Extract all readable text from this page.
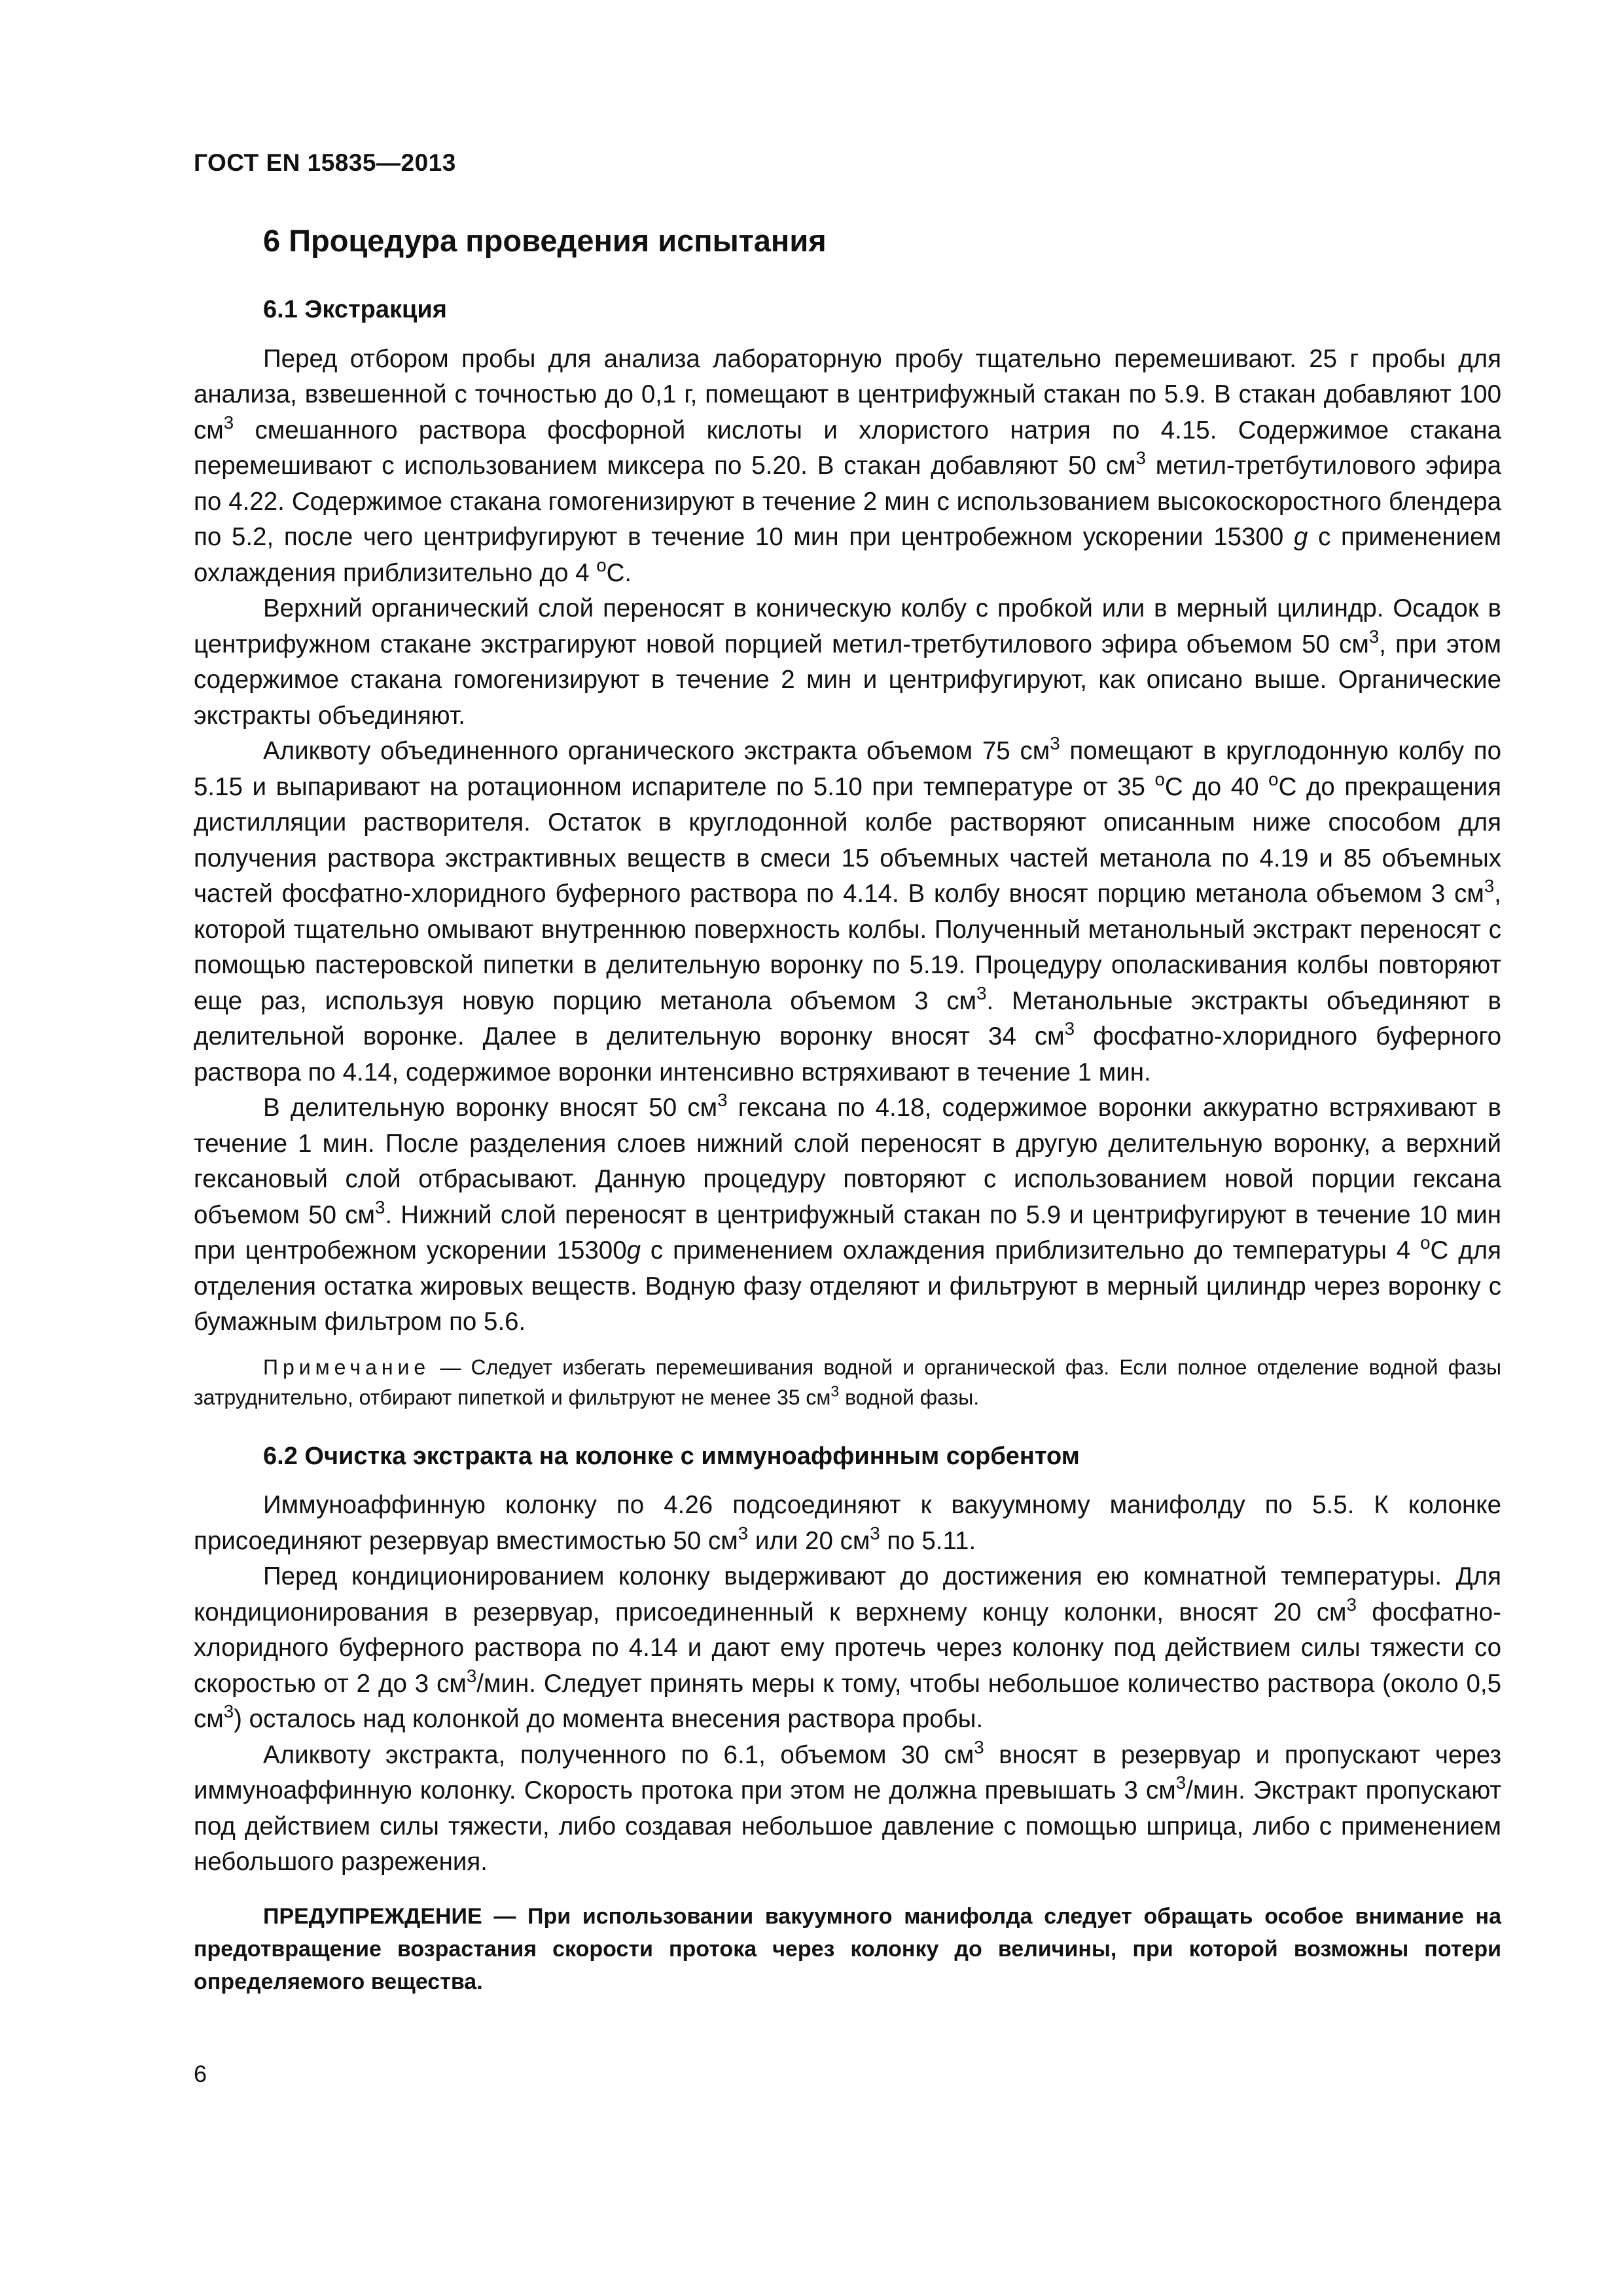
ГОСТ EN 15835—2013
6 Процедура проведения испытания
6.1 Экстракция

Перед отбором пробы для анализа лабораторную пробу тщательно перемешивают. 25 г пробы для анализа, взвешенной с точностью до 0,1 г, помещают в центрифужный стакан по 5.9. В стакан добавляют 100 $см^3$ смешанного раствора фосфорной кислоты и хлористого натрия по 4.15. Содержимое стакана перемешивают с использованием миксера по 5.20. В стакан добавляют 50 $см^3$ метил-третбутилового эфира по 4.22. Содержимое стакана гомогенизируют в течение 2 мин с использованием высокоскоростного блендера по 5.2, после чего центрифугируют в течение 10 мин при центробежном ускорении 15300 g с применением охлаждения приблизительно до 4 $^o$C.

Верхний органический слой переносят в коническую колбу с пробкой или в мерный цилиндр. Осадок в центрифужном стакане экстрагируют новой порцией метил-третбутилового эфира объемом 50 $см^3$, при этом содержимое стакана гомогенизируют в течение 2 мин и центрифугируют, как описано выше. Органические экстракты объединяют.

Аликвоту объединенного органического экстракта объемом 75 $см^3$ помещают в круглодонную колбу по 5.15 и выпаривают на ротационном испарителе по 5.10 при температуре от 35 $^o$C до 40 $^o$C до прекращения дистилляции растворителя. Остаток в круглодонной колбе растворяют описанным ниже способом для получения раствора экстрактивных веществ в смеси 15 объемных частей метанола по 4.19 и 85 объемных частей фосфатно-хлоридного буферного раствора по 4.14. В колбу вносят порцию метанола объемом 3 $см^3$, которой тщательно омывают внутреннюю поверхность колбы. Полученный метанольный экстракт переносят с помощью пастеровской пипетки в делительную воронку по 5.19. Процедуру ополаскивания колбы повторяют еще раз, используя новую порцию метанола объемом 3 $см^3$. Метанольные экстракты объединяют в делительной воронке. Далее в делительную воронку вносят 34 $см^3$ фосфатно-хлоридного буферного раствора по 4.14, содержимое воронки интенсивно встряхивают в течение 1 мин.

В делительную воронку вносят 50 $см^3$ гексана по 4.18, содержимое воронки аккуратно встряхивают в течение 1 мин. После разделения слоев нижний слой переносят в другую делительную воронку, а верхний гексановый слой отбрасывают. Данную процедуру повторяют с использованием новой порции гексана объемом 50 $см^3$. Нижний слой переносят в центрифужный стакан по 5.9 и центрифугируют в течение 10 мин при центробежном ускорении 15300g с применением охлаждения приблизительно до температуры 4 $^o$C для отделения остатка жировых веществ. Водную фазу отделяют и фильтруют в мерный цилиндр через воронку с бумажным фильтром по 5.6.

Примечание — Следует избегать перемешивания водной и органической фаз. Если полное отделение водной фазы затруднительно, отбирают пипеткой и фильтруют не менее 35 $см^3$ водной фазы.

6.2 Очистка экстракта на колонке с иммуноаффинным сорбентом

Иммуноаффинную колонку по 4.26 подсоединяют к вакуумному манифолду по 5.5. К колонке присоединяют резервуар вместимостью 50 $см^3$ или 20 $см^3$ по 5.11.

Перед кондиционированием колонку выдерживают до достижения ею комнатной температуры. Для кондиционирования в резервуар, присоединенный к верхнему концу колонки, вносят 20 $см^3$ фосфатно-хлоридного буферного раствора по 4.14 и дают ему протечь через колонку под действием силы тяжести со скоростью от 2 до 3 $см^3$/мин. Следует принять меры к тому, чтобы небольшое количество раствора (около 0,5 $см^3$) осталось над колонкой до момента внесения раствора пробы.

Аликвоту экстракта, полученного по 6.1, объемом 30 $см^3$ вносят в резервуар и пропускают через иммуноаффинную колонку. Скорость протока при этом не должна превышать 3 $см^3$/мин. Экстракт пропускают под действием силы тяжести, либо создавая небольшое давление с помощью шприца, либо с применением небольшого разрежения.

ПРЕДУПРЕЖДЕНИЕ — При использовании вакуумного манифолда следует обращать особое внимание на предотвращение возрастания скорости протока через колонку до величины, при которой возможны потери определяемого вещества.

6
